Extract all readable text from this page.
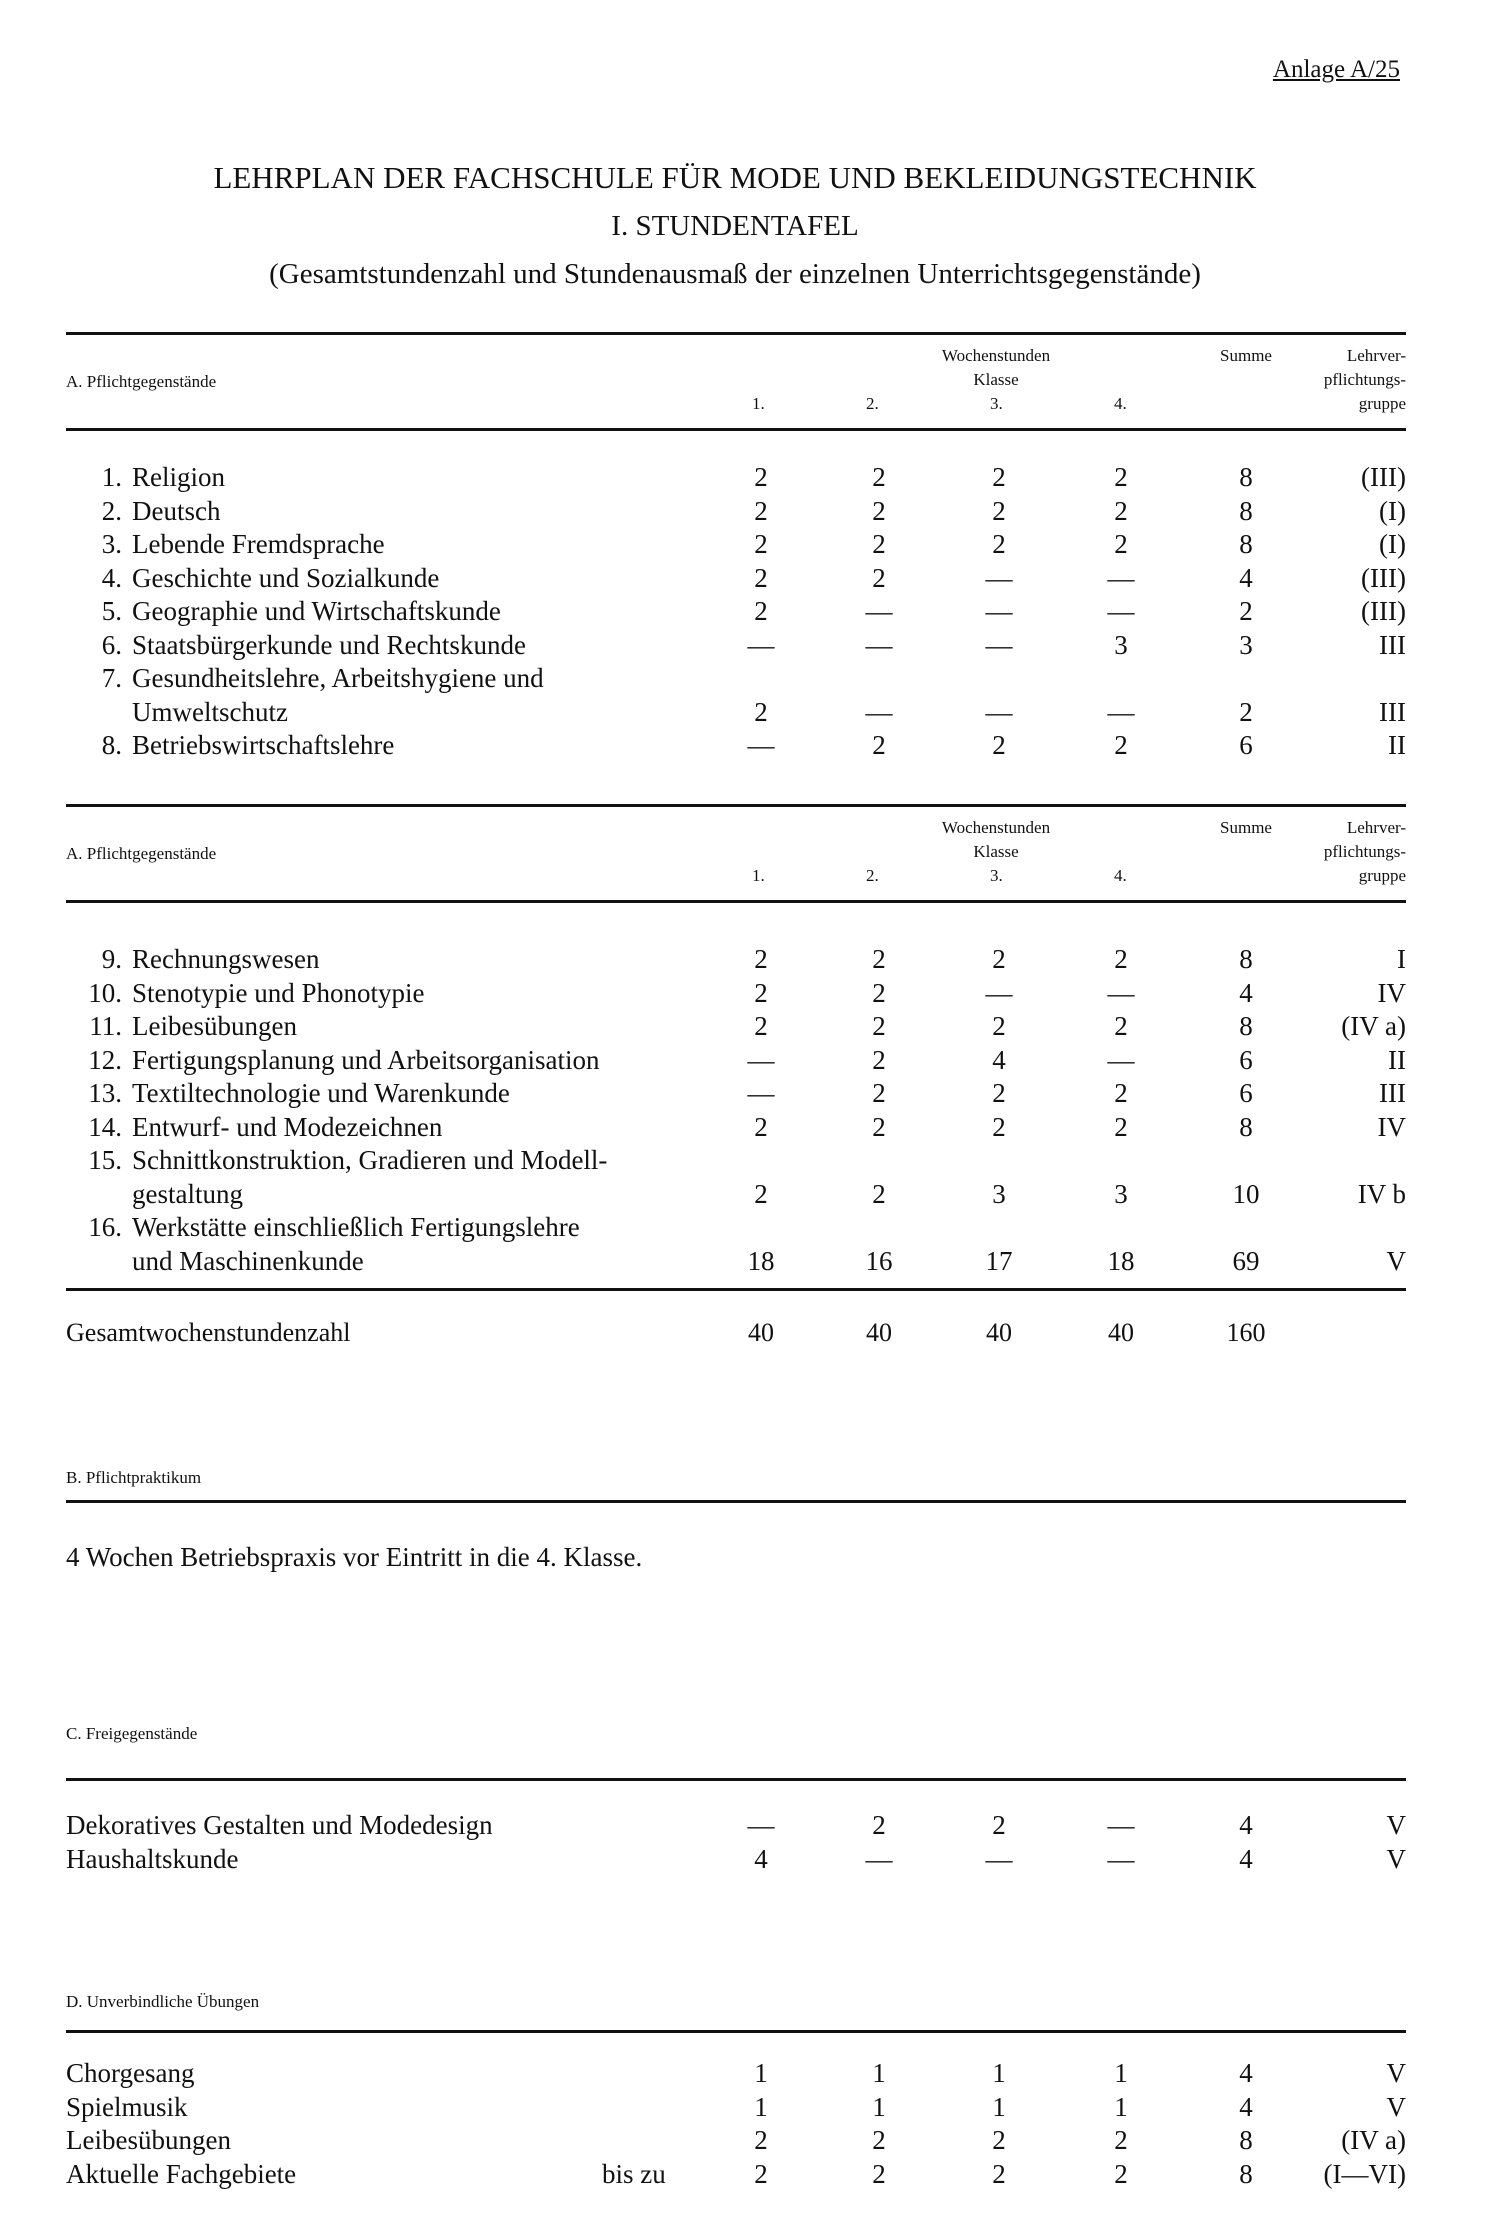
Anlage A/25
LEHRPLAN DER FACHSCHULE FÜR MODE UND BEKLEIDUNGSTECHNIK
I. STUNDENTAFEL
(Gesamtstundenzahl und Stundenausmaß der einzelnen Unterrichtsgegenstände)
A. Pflichtgegenstände
Wochenstunden
Klasse
1.	2.	3.	4.
Summe	Lehrver-
pflichtungs-
gruppe
1. Religion	2	2	2	2	8	(III)
2. Deutsch	2	2	2	2	8	(I)
3. Lebende Fremdsprache	2	2	2	2	8	(I)
4. Geschichte und Sozialkunde	2	2	—	—	4	(III)
5. Geographie und Wirtschaftskunde	2	—	—	—	2	(III)
6. Staatsbürgerkunde und Rechtskunde	—	—	—	3	3	III
7. Gesundheitslehre, Arbeitshygiene und
Umweltschutz	2	—	—	—	2	III
8. Betriebswirtschaftslehre	—	2	2	2	6	II
A. Pflichtgegenstände
Wochenstunden
Klasse
1.	2.	3.	4.
Summe	Lehrver-
pflichtungs-
gruppe
9. Rechnungswesen	2	2	2	2	8	I
10. Stenotypie und Phonotypie	2	2	—	—	4	IV
11. Leibesübungen	2	2	2	2	8	(IV a)
12. Fertigungsplanung und Arbeitsorganisation	—	2	4	—	6	II
13. Textiltechnologie und Warenkunde	—	2	2	2	6	III
14. Entwurf- und Modezeichnen	2	2	2	2	8	IV
15. Schnittkonstruktion, Gradieren und Modell-
gestaltung	2	2	3	3	10	IV b
16. Werkstätte einschließlich Fertigungslehre
und Maschinenkunde	18	16	17	18	69	V
Gesamtwochenstundenzahl	40	40	40	40	160
B. Pflichtpraktikum
4 Wochen Betriebspraxis vor Eintritt in die 4. Klasse.
C. Freigegenstände
Dekoratives Gestalten und Modedesign	—	2	2	—	4	V
Haushaltskunde	4	—	—	—	4	V
D. Unverbindliche Übungen
Chorgesang	1	1	1	1	4	V
Spielmusik	1	1	1	1	4	V
Leibesübungen	2	2	2	2	8	(IV a)
Aktuelle Fachgebiete	bis zu	2	2	2	2	8	(I—VI)
